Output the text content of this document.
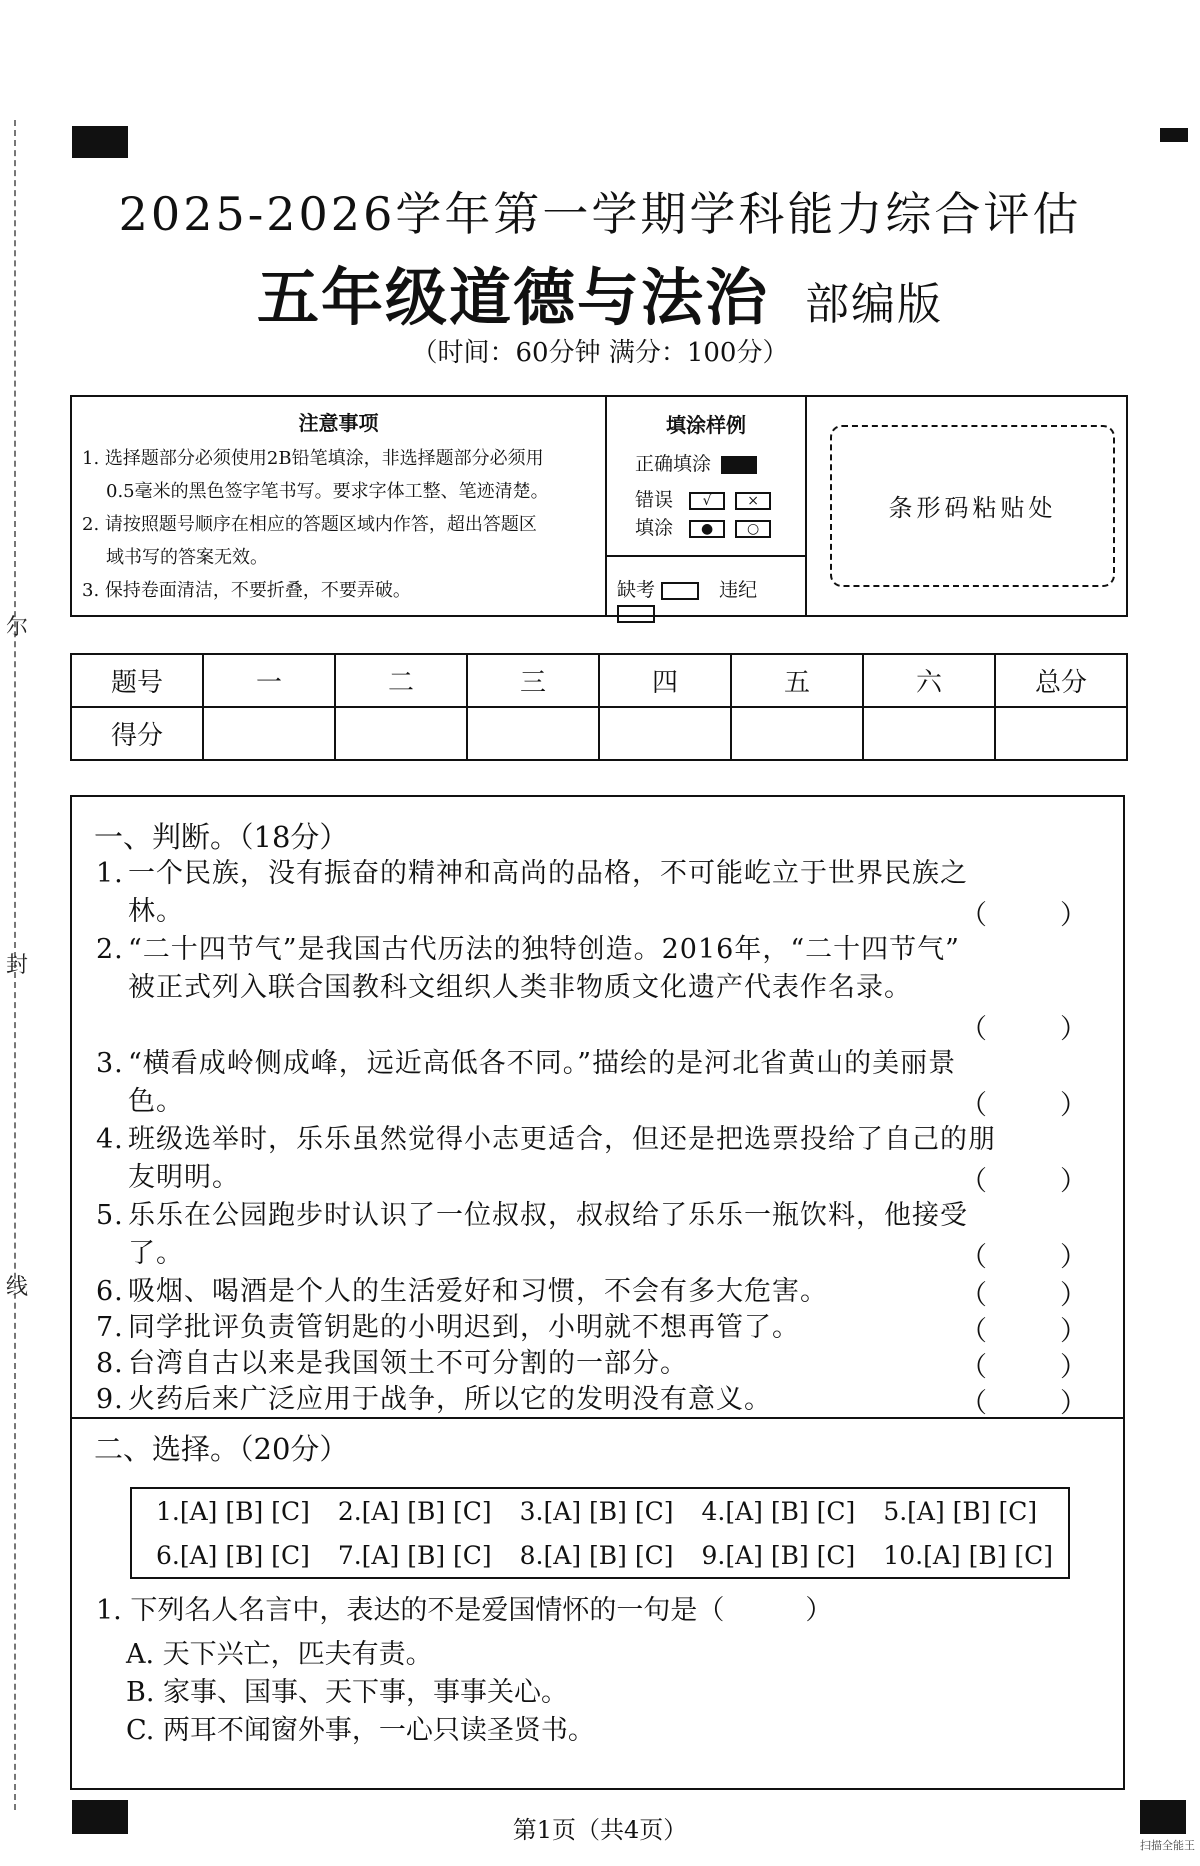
尔
封
线
2025-2026学年第一学期学科能力综合评估
五年级道德与法治 部编版
（时间：60分钟 满分：100分）
注意事项

1. 选择题部分必须使用2B铅笔填涂，非选择题部分必须用

0.5毫米的黑色签字笔书写。要求字体工整、笔迹清楚。

2. 请按照题号顺序在相应的答题区域内作答，超出答题区

域书写的答案无效。

3. 保持卷面清洁，不要折叠，不要弄破。

填涂样例
正确填涂
错误 √	×
填涂 ● ○
缺考	违纪
条形码粘贴处
题号	一	二	三	四	五	六	总分
得分							
一、判断。（18分）
1. 一个民族，没有振奋的精神和高尚的品格，不可能屹立于世界民族之
林。	（	）
2. “二十四节气”是我国古代历法的独特创造。2016年，“二十四节气”
被正式列入联合国教科文组织人类非物质文化遗产代表作名录。
（	）
3. “横看成岭侧成峰，远近高低各不同。”描绘的是河北省黄山的美丽景
色。	（	）
4. 班级选举时，乐乐虽然觉得小志更适合，但还是把选票投给了自己的朋
友明明。	（	）
5. 乐乐在公园跑步时认识了一位叔叔，叔叔给了乐乐一瓶饮料，他接受
了。	（	）
6. 吸烟、喝酒是个人的生活爱好和习惯，不会有多大危害。	（	）
7. 同学批评负责管钥匙的小明迟到，小明就不想再管了。	（	）
8. 台湾自古以来是我国领土不可分割的一部分。	（	）
9. 火药后来广泛应用于战争，所以它的发明没有意义。	（	）
二、选择。（20分）
1.[A] [B] [C] 2.[A] [B] [C] 3.[A] [B] [C] 4.[A] [B] [C] 5.[A] [B] [C]
6.[A] [B] [C] 7.[A] [B] [C] 8.[A] [B] [C] 9.[A] [B] [C] 10.[A] [B] [C]
1. 下列名人名言中，表达的不是爱国情怀的一句是（　　　）
A. 天下兴亡，匹夫有责。
B. 家事、国事、天下事，事事关心。
C. 两耳不闻窗外事，一心只读圣贤书。
第1页（共4页）
扫描全能王
